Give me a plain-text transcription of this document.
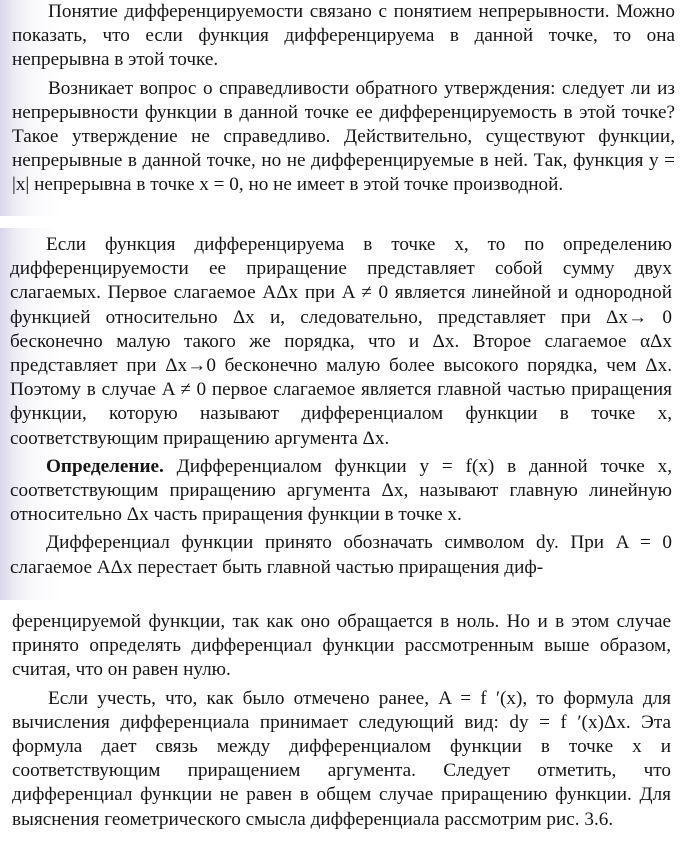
Понятие дифференцируемости связано с понятием непрерывности. Можно показать, что если функция дифференцируема в данной точке, то она непрерывна в этой точке.

Возникает вопрос о справедливости обратного утверждения: следует ли из непрерывности функции в данной точке ее дифференцируемость в этой точке? Такое утверждение не справедливо. Действительно, существуют функции, непрерывные в данной точке, но не дифференцируемые в ней. Так, функция y = |x| непрерывна в точке x = 0, но не имеет в этой точке производной.

Если функция дифференцируема в точке x, то по определению дифференцируемости ее приращение представляет собой сумму двух слагаемых. Первое слагаемое AΔx при A ≠ 0 является линейной и однородной функцией относительно Δx и, следовательно, представляет при Δx→ 0 бесконечно малую такого же порядка, что и Δx. Второе слагаемое αΔx представляет при Δx→0 бесконечно малую более высокого порядка, чем Δx. Поэтому в случае A ≠ 0 первое слагаемое является главной частью приращения функции, которую называют дифференциалом функции в точке x, соответствующим приращению аргумента Δx.

Определение. Дифференциалом функции y = f(x) в данной точке x, соответствующим приращению аргумента Δx, называют главную линейную относительно Δx часть приращения функции в точке x.

Дифференциал функции принято обозначать символом dy. При A = 0 слагаемое AΔx перестает быть главной частью приращения диф-

ференцируемой функции, так как оно обращается в ноль. Но и в этом случае принято определять дифференциал функции рассмотренным выше образом, считая, что он равен нулю.

Если учесть, что, как было отмечено ранее, A = f ′(x), то формула для вычисления дифференциала принимает следующий вид: dy = f ′(x)Δx. Эта формула дает связь между дифференциалом функции в точке x и соответствующим приращением аргумента. Следует отметить, что дифференциал функции не равен в общем случае приращению функции. Для выяснения геометрического смысла дифференциала рассмотрим рис. 3.6.
